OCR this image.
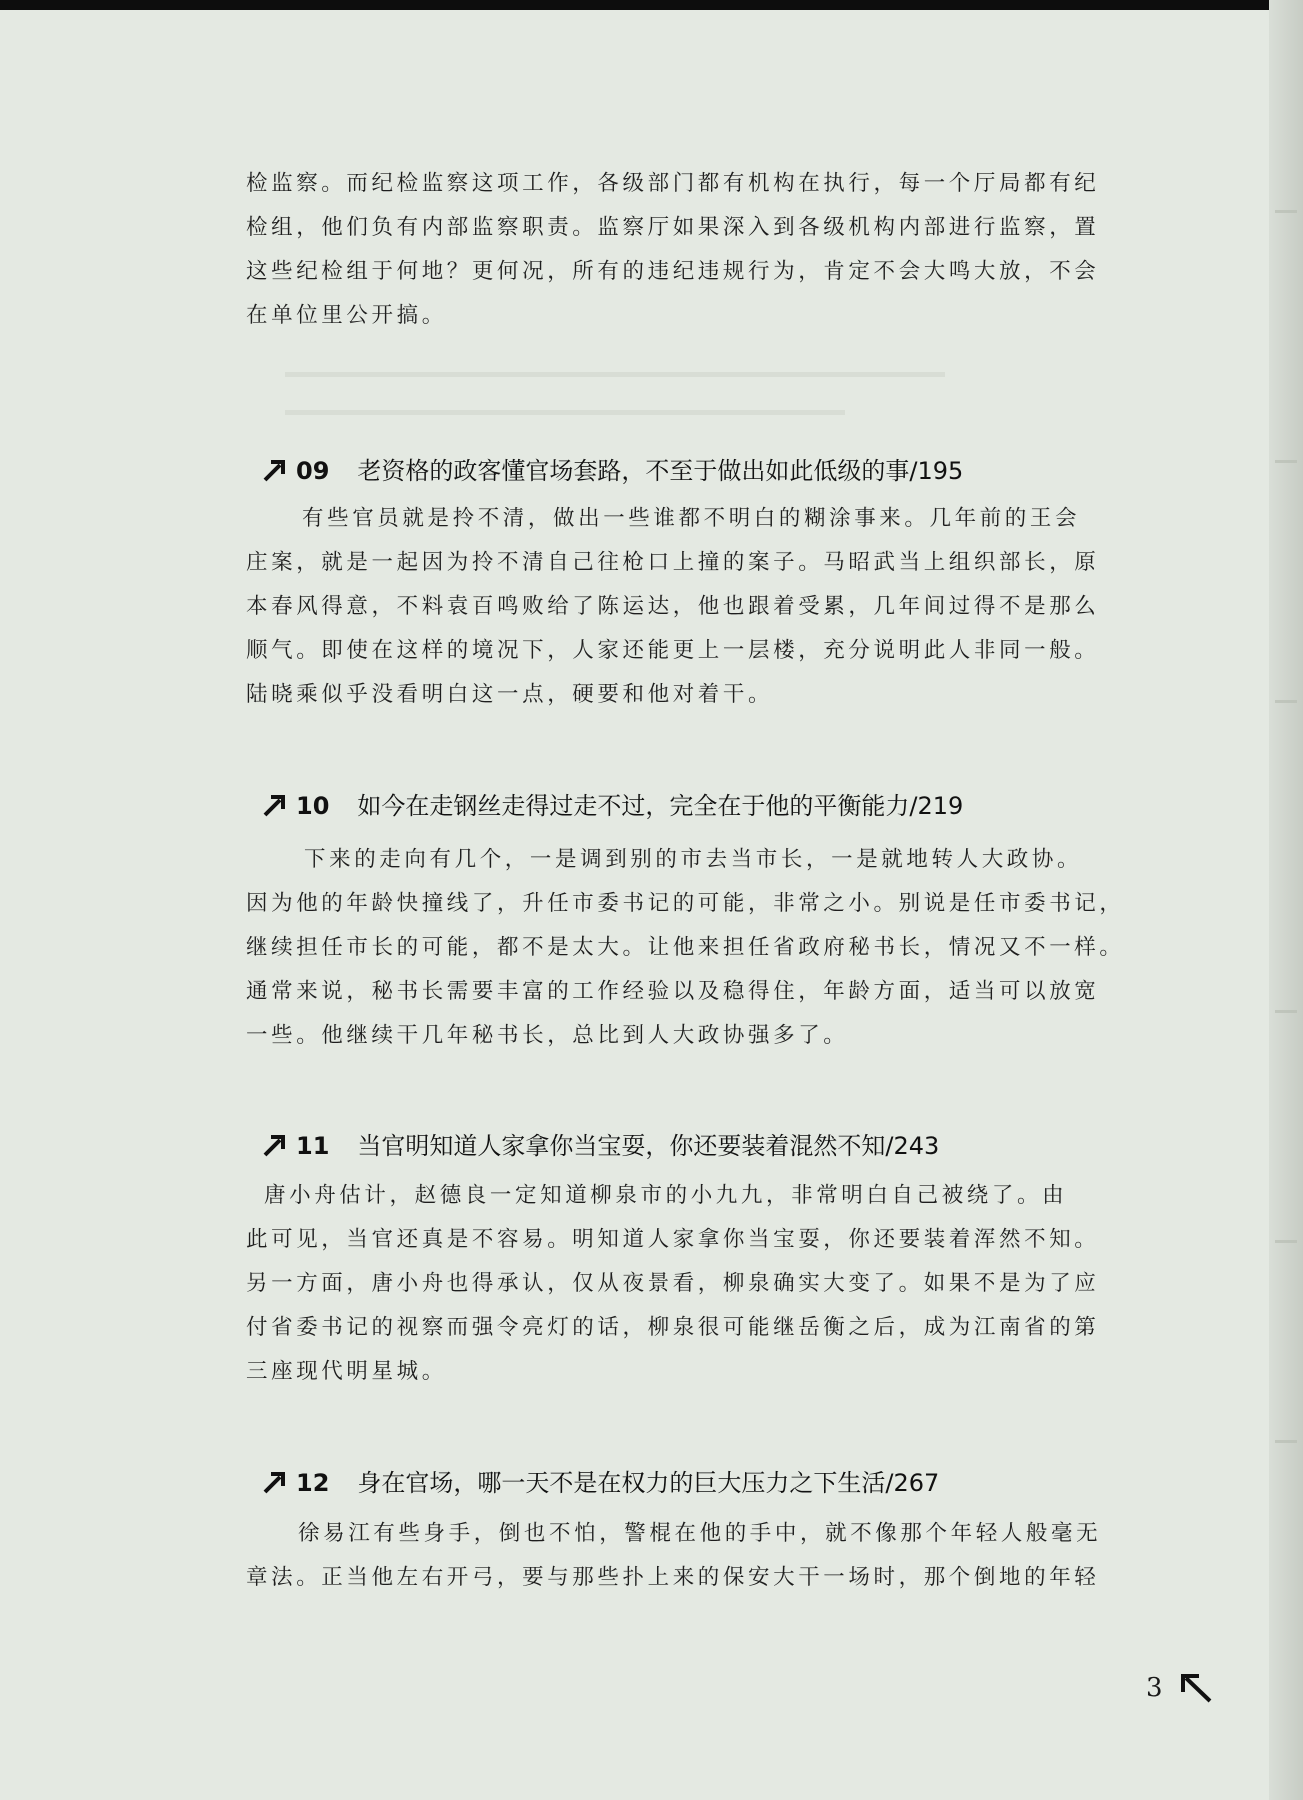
检监察。而纪检监察这项工作，各级部门都有机构在执行，每一个厅局都有纪
检组，他们负有内部监察职责。监察厅如果深入到各级机构内部进行监察，置
这些纪检组于何地？更何况，所有的违纪违规行为，肯定不会大鸣大放，不会
在单位里公开搞。

09 老资格的政客懂官场套路，不至于做出如此低级的事/195

有些官员就是拎不清，做出一些谁都不明白的糊涂事来。几年前的王会
庄案，就是一起因为拎不清自己往枪口上撞的案子。马昭武当上组织部长，原
本春风得意，不料袁百鸣败给了陈运达，他也跟着受累，几年间过得不是那么
顺气。即使在这样的境况下，人家还能更上一层楼，充分说明此人非同一般。
陆晓乘似乎没看明白这一点，硬要和他对着干。

10 如今在走钢丝走得过走不过，完全在于他的平衡能力/219

下来的走向有几个，一是调到别的市去当市长，一是就地转人大政协。
因为他的年龄快撞线了，升任市委书记的可能，非常之小。别说是任市委书记，
继续担任市长的可能，都不是太大。让他来担任省政府秘书长，情况又不一样。
通常来说，秘书长需要丰富的工作经验以及稳得住，年龄方面，适当可以放宽
一些。他继续干几年秘书长，总比到人大政协强多了。

11 当官明知道人家拿你当宝耍，你还要装着混然不知/243

唐小舟估计，赵德良一定知道柳泉市的小九九，非常明白自己被绕了。由
此可见，当官还真是不容易。明知道人家拿你当宝耍，你还要装着浑然不知。
另一方面，唐小舟也得承认，仅从夜景看，柳泉确实大变了。如果不是为了应
付省委书记的视察而强令亮灯的话，柳泉很可能继岳衡之后，成为江南省的第
三座现代明星城。

12 身在官场，哪一天不是在权力的巨大压力之下生活/267

徐易江有些身手，倒也不怕，警棍在他的手中，就不像那个年轻人般毫无
章法。正当他左右开弓，要与那些扑上来的保安大干一场时，那个倒地的年轻

3
